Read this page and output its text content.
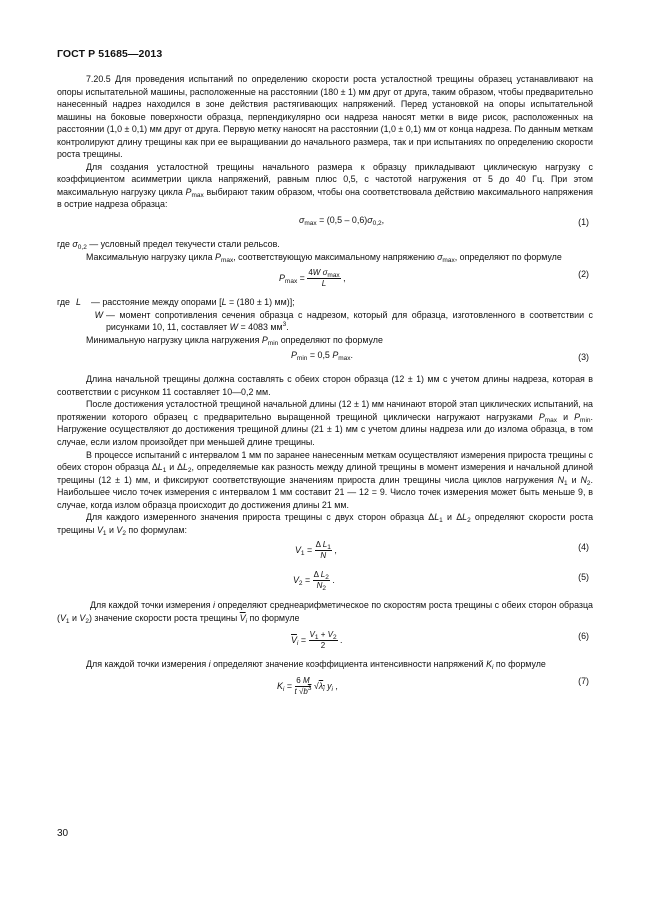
ГОСТ Р 51685—2013

7.20.5 Для проведения испытаний по определению скорости роста усталостной трещины образец устанавливают на опоры испытательной машины, расположенные на расстоянии (180 ± 1) мм друг от друга, таким образом, чтобы предварительно нанесенный надрез находился в зоне действия растягивающих напряжений. Перед установкой на опоры испытательной машины на боковые поверхности образца, перпендикулярно оси надреза наносят метки в виде рисок, расположенных на расстоянии (1,0 ± 0,1) мм друг от друга. Первую метку наносят на расстоянии (1,0 ± 0,1) мм от конца надреза. По данным меткам контролируют длину трещины как при ее выращивании до начального размера, так и при испытаниях по определению скорости роста трещины.

Для создания усталостной трещины начального размера к образцу прикладывают циклическую нагрузку с коэффициентом асимметрии цикла напряжений, равным плюс 0,5, с частотой нагружения от 5 до 40 Гц. При этом максимальную нагрузку цикла $P_{max}$ выбирают таким образом, чтобы она соответствовала действию максимального напряжения в острие надреза образца:

$\sigma_{max} = (0,5 - 0,6)\sigma_{0,2}$,	(1)

где $\sigma_{0,2}$ — условный предел текучести стали рельсов.

Максимальную нагрузку цикла $P_{max}$, соответствующую максимальному напряжению $\sigma_{max}$, определяют по формуле

$P_{max} = \frac{4W \sigma_{max}}{L}$ ,	(2)
где L	— расстояние между опорами [L = (180 ± 1) мм)];
W — момент сопротивления сечения образца с надрезом, который для образца, изготовленного в соответствии с рисунками 10, 11, составляет W = 4083 $мм^3$.

Минимальную нагрузку цикла нагружения $P_{min}$ определяют по формуле

$P_{min} = 0,5$ $P_{max}$.	(3)

Длина начальной трещины должна составлять с обеих сторон образца (12 ± 1) мм с учетом длины надреза, которая в соответствии с рисунком 11 составляет 10—0,2 мм.

После достижения усталостной трещиной начальной длины (12 ± 1) мм начинают второй этап циклических испытаний, на протяжении которого образец с предварительно выращенной трещиной циклически нагружают нагрузками $P_{max}$ и $P_{min}$. Нагружение осуществляют до достижения трещиной длины (21 ± 1) мм с учетом длины надреза или до излома образца, в том случае, если излом произойдет при меньшей длине трещины.

В процессе испытаний с интервалом 1 мм по заранее нанесенным меткам осуществляют измерения прироста трещины с обеих сторон образца $\Delta L_1$ и $\Delta L_2$, определяемые как разность между длиной трещины в момент измерения и начальной длиной трещины (12 ± 1) мм, и фиксируют соответствующие значениям прироста длин трещины числа циклов нагружения $N_1$ и $N_2$. Наибольшее число точек измерения с интервалом 1 мм составит 21 — 12 = 9. Число точек измерения может быть меньше 9, в случае, когда излом образца происходит до достижения длины 21 мм.

Для каждого измеренного значения прироста трещины с двух сторон образца $\Delta L_1$ и $\Delta L_2$ определяют скорости роста трещины $V_1$ и $V_2$ по формулам:

$V_1 = \frac{\Delta L_1}{N}$ ,	(4)
$V_2 = \frac{\Delta L_2}{N_2}$ .	(5)

Для каждой точки измерения i определяют среднеарифметическое по скоростям роста трещины с обеих сторон образца ($V_1$ и $V_2$) значение скорости роста трещины $\overline{V}_i$ по формуле

$\overline{V}_i = \frac{V_1 + V_2}{2}$ .	(6)

Для каждой точки измерения i определяют значение коэффициента интенсивности напряжений $K_i$ по формуле

$K_i = \frac{6 M}{t √b^3} √\lambda_i$ $y_i$ ,	(7)
30
